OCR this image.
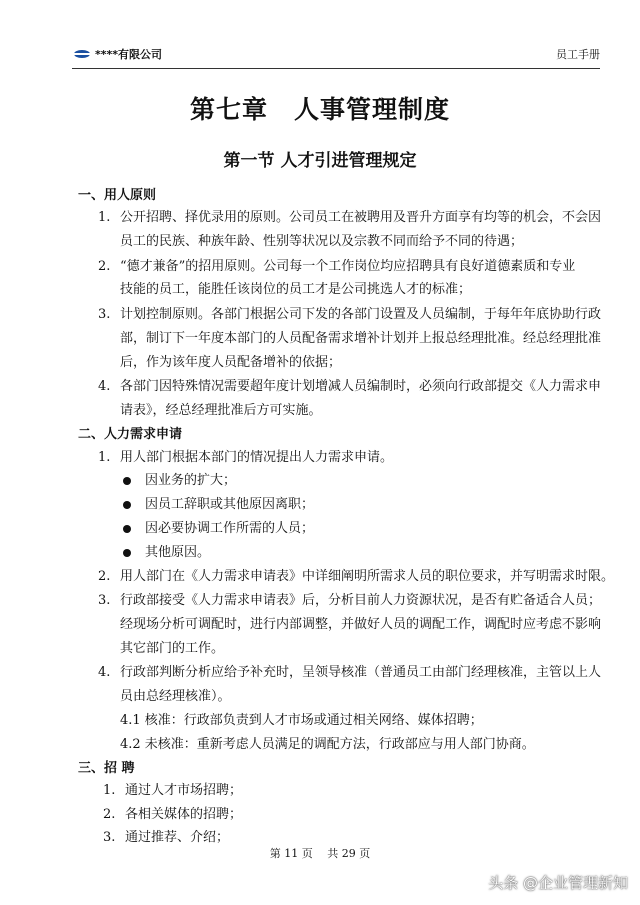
****有限公司	员工手册
第七章　人事管理制度
第一节 人才引进管理规定
一、用人原则
1. 公开招聘、择优录用的原则。公司员工在被聘用及晋升方面享有均等的机会，不会因
员工的民族、种族年龄、性别等状况以及宗教不同而给予不同的待遇；
2. “德才兼备”的招用原则。公司每一个工作岗位均应招聘具有良好道德素质和专业
技能的员工，能胜任该岗位的员工才是公司挑选人才的标准；
3. 计划控制原则。各部门根据公司下发的各部门设置及人员编制，于每年年底协助行政
部，制订下一年度本部门的人员配备需求增补计划并上报总经理批准。经总经理批准
后，作为该年度人员配备增补的依据；
4. 各部门因特殊情况需要超年度计划增减人员编制时，必须向行政部提交《人力需求申
请表》，经总经理批准后方可实施。
二、人力需求申请
1. 用人部门根据本部门的情况提出人力需求申请。
因业务的扩大；
因员工辞职或其他原因离职；
因必要协调工作所需的人员；
其他原因。
2. 用人部门在《人力需求申请表》中详细阐明所需求人员的职位要求，并写明需求时限。
3. 行政部接受《人力需求申请表》后，分析目前人力资源状况，是否有贮备适合人员；
经现场分析可调配时，进行内部调整，并做好人员的调配工作，调配时应考虑不影响
其它部门的工作。
4. 行政部判断分析应给予补充时，呈领导核准（普通员工由部门经理核准，主管以上人
员由总经理核准）。
4.1 核准：行政部负责到人才市场或通过相关网络、媒体招聘；
4.2 未核准：重新考虑人员满足的调配方法，行政部应与用人部门协商。
三、招 聘
1. 通过人才市场招聘；
2. 各相关媒体的招聘；
3. 通过推荐、介绍；
第 11 页　 共 29 页
头条 @企业管理新知
